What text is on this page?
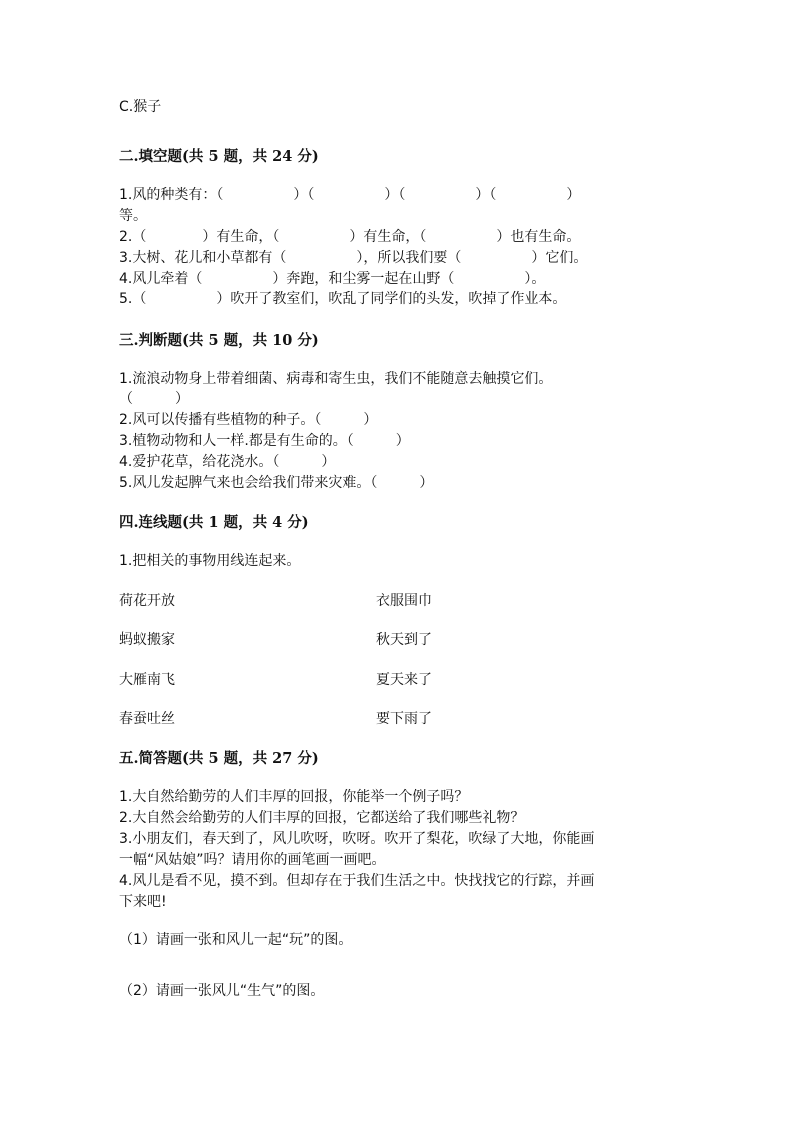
C.猴子
二.填空题(共 5 题，共 24 分)
1.风的种类有：（　　　　　）（　　　　　）（　　　　　）（　　　　　）
等。
2.（　　　　）有生命，（　　　　　）有生命，（　　　　　）也有生命。
3.大树、花儿和小草都有（　　　　　），所以我们要（　　　　　）它们。
4.风儿牵着（　　　　　）奔跑，和尘雾一起在山野（　　　　　）。
5.（　　　　　）吹开了教室们，吹乱了同学们的头发，吹掉了作业本。
三.判断题(共 5 题，共 10 分)
1.流浪动物身上带着细菌、病毒和寄生虫，我们不能随意去触摸它们。
（　　　）
2.风可以传播有些植物的种子。（　　　）
3.植物动物和人一样.都是有生命的。（　　　）
4.爱护花草，给花浇水。（　　　）
5.风儿发起脾气来也会给我们带来灾难。（　　　）
四.连线题(共 1 题，共 4 分)
1.把相关的事物用线连起来。
荷花开放	衣服围巾
蚂蚁搬家	秋天到了
大雁南飞	夏天来了
春蚕吐丝	要下雨了
五.简答题(共 5 题，共 27 分)
1.大自然给勤劳的人们丰厚的回报，你能举一个例子吗？
2.大自然会给勤劳的人们丰厚的回报，它都送给了我们哪些礼物？
3.小朋友们，春天到了，风儿吹呀，吹呀。吹开了梨花，吹绿了大地，你能画
一幅“风姑娘”吗？请用你的画笔画一画吧。
4.风儿是看不见，摸不到。但却存在于我们生活之中。快找找它的行踪，并画
下来吧!
（1）请画一张和风儿一起“玩”的图。
（2）请画一张风儿“生气”的图。
